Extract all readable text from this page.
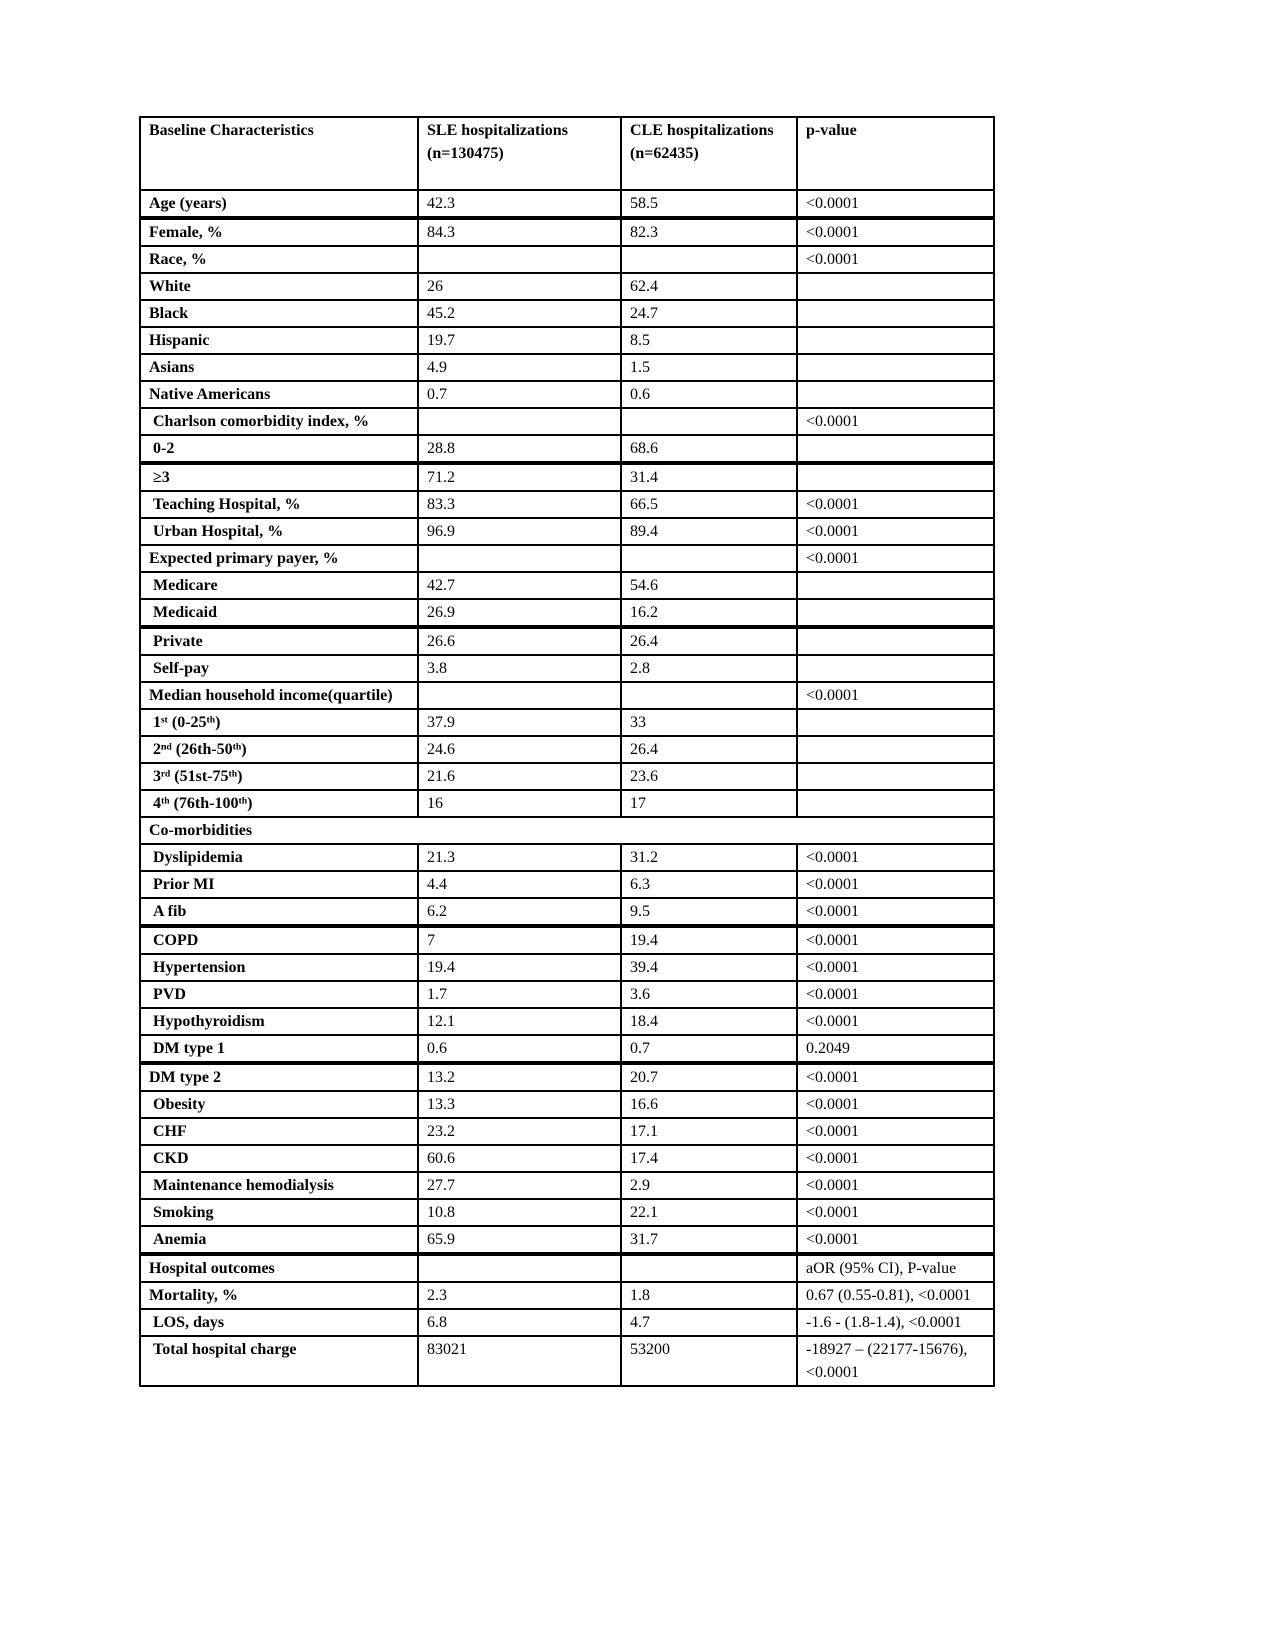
Baseline Characteristics	SLE hospitalizations (n=130475)	CLE hospitalizations (n=62435)	p-value
Age (years)	42.3	58.5	<0.0001
Female, %	84.3	82.3	<0.0001
Race, %			<0.0001
White	26	62.4	
Black	45.2	24.7	
Hispanic	19.7	8.5	
Asians	4.9	1.5	
Native Americans	0.7	0.6	
Charlson comorbidity index, %			<0.0001
0-2	28.8	68.6	
≥3	71.2	31.4	
Teaching Hospital, %	83.3	66.5	<0.0001
Urban Hospital, %	96.9	89.4	<0.0001
Expected primary payer, %			<0.0001
Medicare	42.7	54.6	
Medicaid	26.9	16.2	
Private	26.6	26.4	
Self-pay	3.8	2.8	
Median household income(quartile)			<0.0001
1ˢᵗ (0-25ᵗʰ)	37.9	33	
2ⁿᵈ (26th-50ᵗʰ)	24.6	26.4	
3ʳᵈ (51st-75ᵗʰ)	21.6	23.6	
4ᵗʰ (76th-100ᵗʰ)	16	17	
Co-morbidities			
Dyslipidemia	21.3	31.2	<0.0001
Prior MI	4.4	6.3	<0.0001
A fib	6.2	9.5	<0.0001
COPD	7	19.4	<0.0001
Hypertension	19.4	39.4	<0.0001
PVD	1.7	3.6	<0.0001
Hypothyroidism	12.1	18.4	<0.0001
DM type 1	0.6	0.7	0.2049
DM type 2	13.2	20.7	<0.0001
Obesity	13.3	16.6	<0.0001
CHF	23.2	17.1	<0.0001
CKD	60.6	17.4	<0.0001
Maintenance hemodialysis	27.7	2.9	<0.0001
Smoking	10.8	22.1	<0.0001
Anemia	65.9	31.7	<0.0001
Hospital outcomes			aOR (95% CI), P-value
Mortality, %	2.3	1.8	0.67 (0.55-0.81), <0.0001
LOS, days	6.8	4.7	-1.6 - (1.8-1.4), <0.0001
Total hospital charge	83021	53200	-18927 – (22177-15676), <0.0001
